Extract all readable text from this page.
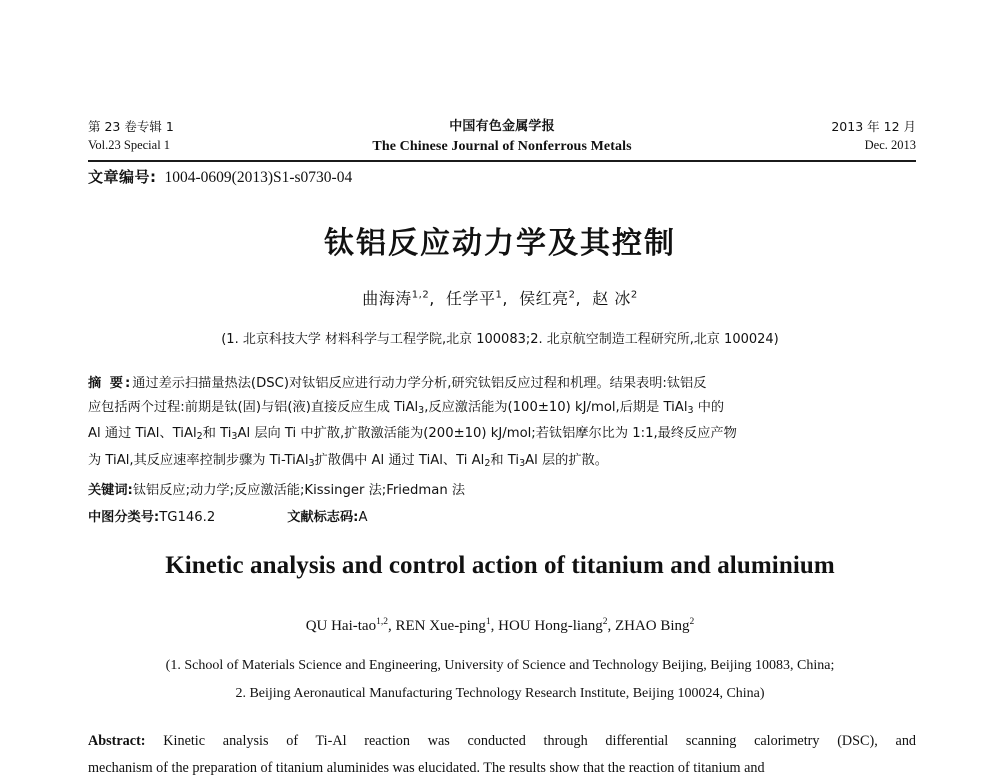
第 23 卷专辑 1
Vol.23 Special 1
中国有色金属学报
The Chinese Journal of Nonferrous Metals
2013 年 12 月
Dec. 2013
文章编号: 1004-0609(2013)S1-s0730-04
钛铝反应动力学及其控制
曲海涛$^{1,2}$,  任学平$^1$,  侯红亮$^2$,  赵 冰$^2$
(1. 北京科技大学 材料科学与工程学院,北京 100083;2. 北京航空制造工程研究所,北京 100024)
摘 要:通过差示扫描量热法(DSC)对钛铝反应进行动力学分析,研究钛铝反应过程和机理。结果表明:钛铝反
应包括两个过程:前期是钛(固)与铝(液)直接反应生成 TiAl$_3$,反应激活能为(100±10) kJ/mol,后期是 TiAl$_3$ 中的
Al 通过 TiAl、TiAl$_2$和 $Ti_3Al$ 层向 Ti 中扩散,扩散激活能为(200±10) kJ/mol;若钛铝摩尔比为 1:1,最终反应产物
为 TiAl,其反应速率控制步骤为 Ti-TiAl$_3$扩散偶中 Al 通过 TiAl、Ti $Al_2$和 $Ti_3Al$ 层的扩散。
关键词:钛铝反应;动力学;反应激活能;Kissinger 法;Friedman 法
中图分类号:TG146.2	文献标志码:A
Kinetic analysis and control action of titanium and aluminium
QU Hai-tao$^{1,2}$, REN Xue-ping$^1$, HOU Hong-liang$^2$, ZHAO Bing$^2$
(1. School of Materials Science and Engineering, University of Science and Technology Beijing, Beijing 10083, China;
2. Beijing Aeronautical Manufacturing Technology Research Institute, Beijing 100024, China)
Abstract: Kinetic analysis of Ti-Al reaction was conducted through differential scanning calorimetry (DSC), and
mechanism of the preparation of titanium aluminides was elucidated. The results show that the reaction of titanium and
